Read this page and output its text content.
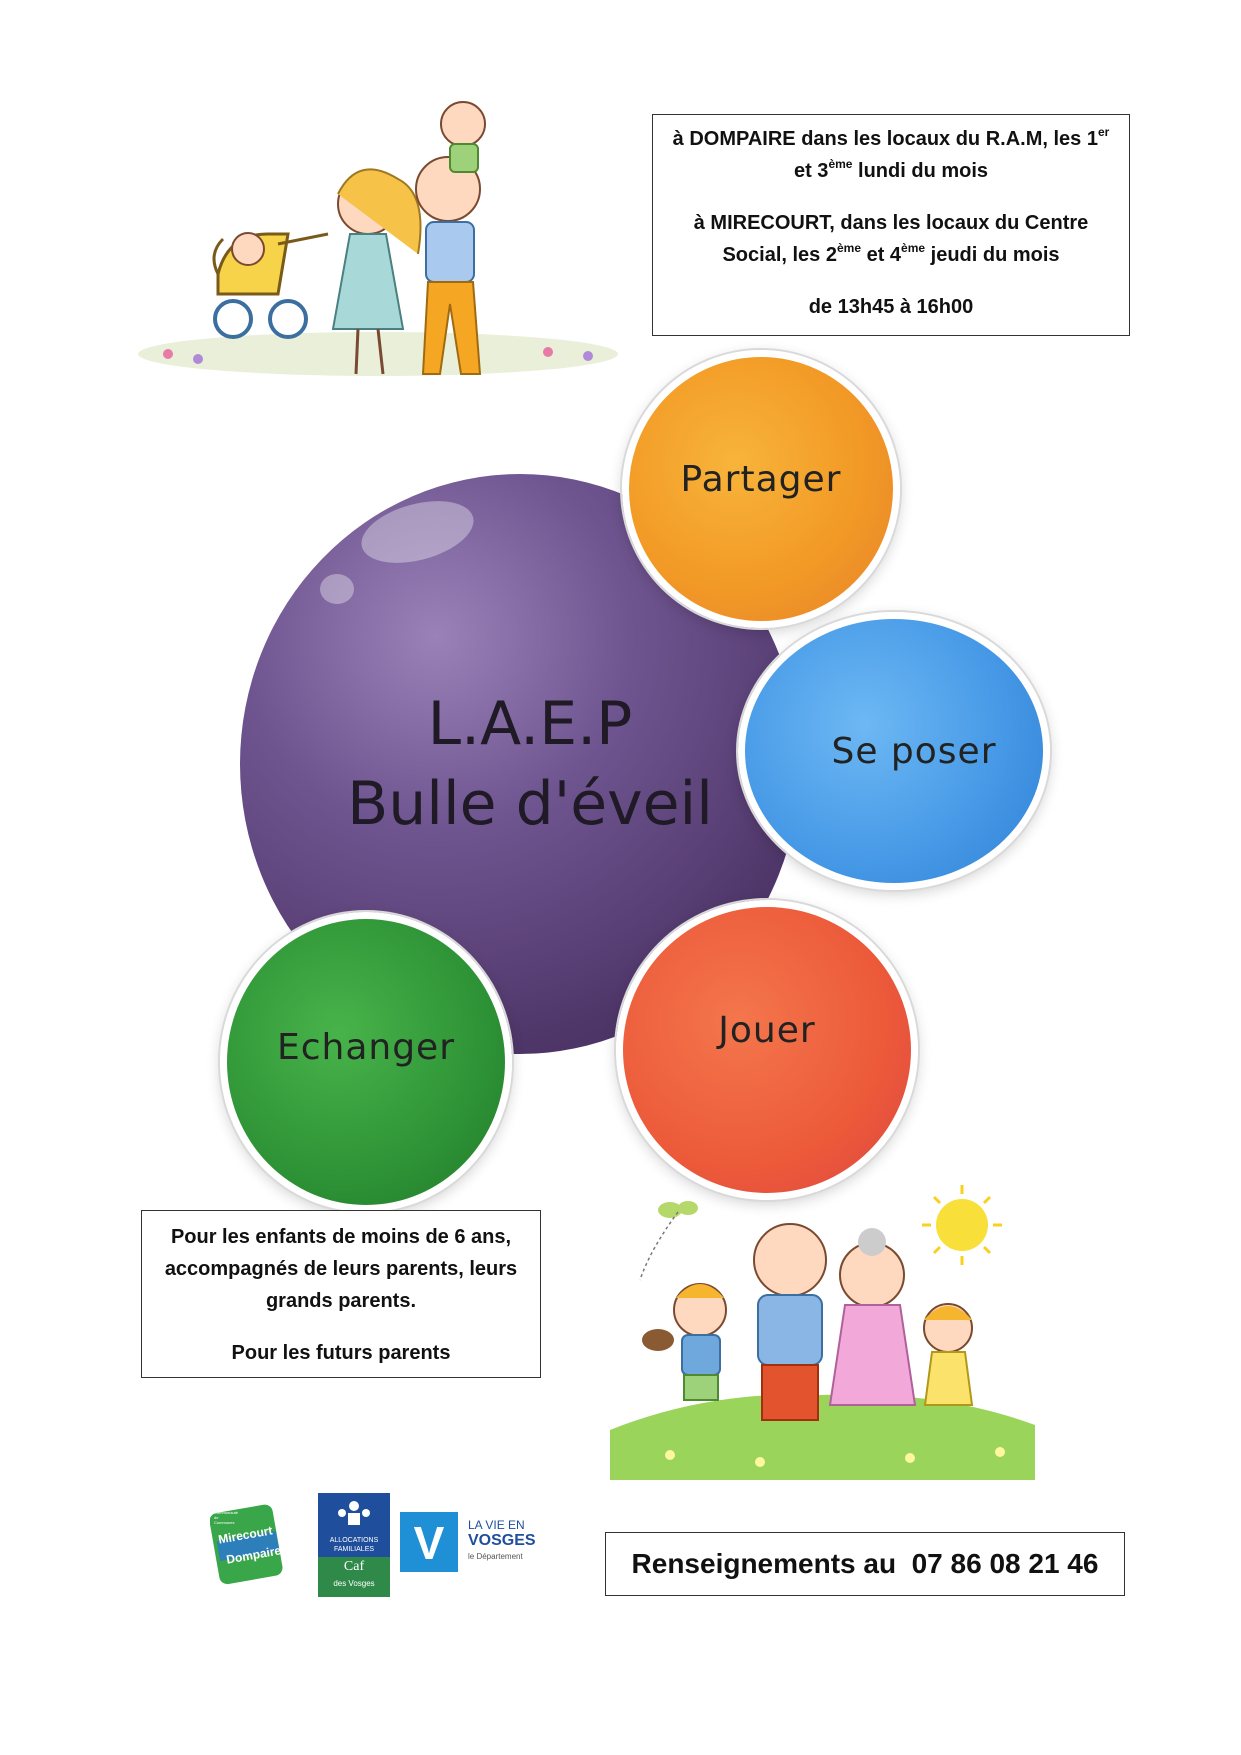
à DOMPAIRE dans les locaux du R.A.M, les 1er

et 3ème lundi du mois

à MIRECOURT, dans les locaux du Centre

Social, les 2ème et 4ème jeudi du mois

de 13h45 à 16h00

L.A.E.P
Bulle d'éveil
Partager
Se poser
Jouer
Echanger

Pour les enfants de moins de 6 ans,

accompagnés de leurs parents, leurs

grands parents.

Pour les futurs parents

Communauté de Communes
Mirecourt
Dompaire
ALLOCATIONS
FAMILIALES
Caf
des Vosges
V	LA VIE EN
VOSGES
le Département	Renseignements au  07 86 08 21 46
